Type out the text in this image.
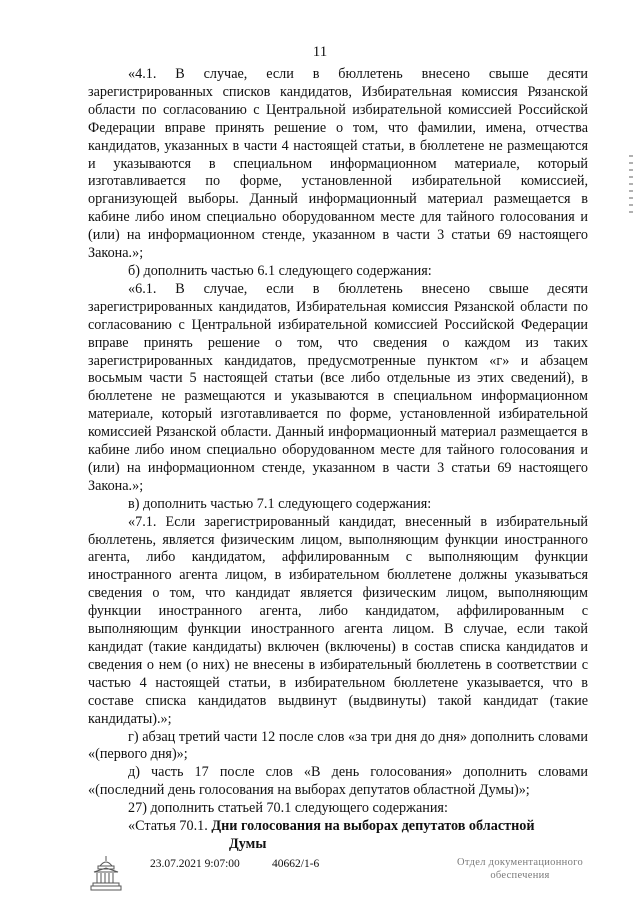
11

«4.1. В случае, если в бюллетень внесено свыше десяти зарегистрированных списков кандидатов, Избирательная комиссия Рязанской области по согласованию с Центральной избирательной комиссией Российской Федерации вправе принять решение о том, что фамилии, имена, отчества кандидатов, указанных в части 4 настоящей статьи, в бюллетене не размещаются и указываются в специальном информационном материале, который изготавливается по форме, установленной избирательной комиссией, организующей выборы. Данный информационный материал размещается в кабине либо ином специально оборудованном месте для тайного голосования и (или) на информационном стенде, указанном в части 3 статьи 69 настоящего Закона.»;

б) дополнить частью 6.1 следующего содержания:

«6.1. В случае, если в бюллетень внесено свыше десяти зарегистрированных кандидатов, Избирательная комиссия Рязанской области по согласованию с Центральной избирательной комиссией Российской Федерации вправе принять решение о том, что сведения о каждом из таких зарегистрированных кандидатов, предусмотренные пунктом «г» и абзацем восьмым части 5 настоящей статьи (все либо отдельные из этих сведений), в бюллетене не размещаются и указываются в специальном информационном материале, который изготавливается по форме, установленной избирательной комиссией Рязанской области. Данный информационный материал размещается в кабине либо ином специально оборудованном месте для тайного голосования и (или) на информационном стенде, указанном в части 3 статьи 69 настоящего Закона.»;

в) дополнить частью 7.1 следующего содержания:

«7.1. Если зарегистрированный кандидат, внесенный в избирательный бюллетень, является физическим лицом, выполняющим функции иностранного агента, либо кандидатом, аффилированным с выполняющим функции иностранного агента лицом, в избирательном бюллетене должны указываться сведения о том, что кандидат является физическим лицом, выполняющим функции иностранного агента, либо кандидатом, аффилированным с выполняющим функции иностранного агента лицом. В случае, если такой кандидат (такие кандидаты) включен (включены) в состав списка кандидатов и сведения о нем (о них) не внесены в избирательный бюллетень в соответствии с частью 4 настоящей статьи, в избирательном бюллетене указывается, что в составе списка кандидатов выдвинут (выдвинуты) такой кандидат (такие кандидаты).»;

г) абзац третий части 12 после слов «за три дня до дня» дополнить словами «(первого дня)»;

д) часть 17 после слов «В день голосования» дополнить словами «(последний день голосования на выборах депутатов областной Думы)»;

27) дополнить статьей 70.1 следующего содержания:

«Статья 70.1. Дни голосования на выборах депутатов областной

Думы

23.07.2021 9:07:00	40662/1-6	Отдел документационного
обеспечения
